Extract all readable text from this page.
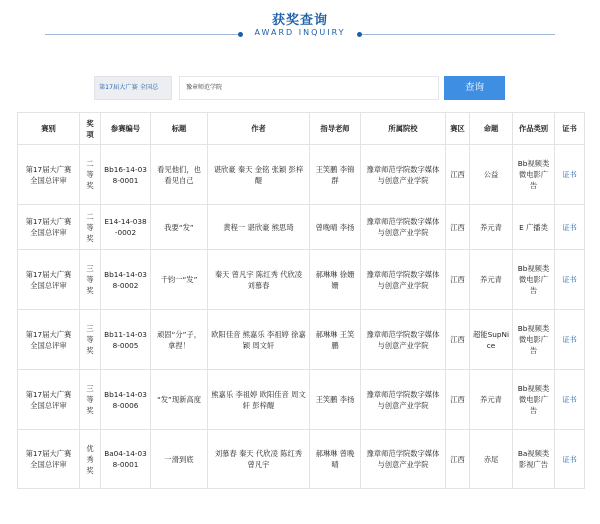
获奖查询
AWARD INQUIRY
第17届大广赛 全国总	豫章师范学院	查询
赛别	奖项	参赛编号	标题	作者	指导老师	所属院校	赛区	命题	作品类别	证书
第17届大广赛 全国总评审	二等奖	Bb16-14-038-0001	看见他们，也看见自己	谌欣豪 秦天 金铭 张颖 彭梓醍	王笑鹏 李锦群	豫章师范学院数字媒体与创意产业学院	江西	公益	Bb视频类微电影广告	证书
第17届大广赛 全国总评审	二等奖	E14-14-038-0002	我要“发”	黄程一 谌欣豪 熊思琦	曾晚晴 李扬	豫章师范学院数字媒体与创意产业学院	江西	养元青	E 广播类	证书
第17届大广赛 全国总评审	三等奖	Bb14-14-038-0002	千钧一“发”	秦天 曾凡宇 陈红秀 代欣凌 刘慕春	郝琳琳 徐姗姗	豫章师范学院数字媒体与创意产业学院	江西	养元青	Bb视频类微电影广告	证书
第17届大广赛 全国总评审	三等奖	Bb11-14-038-0005	顽固“分”子，拿捏！	欧阳佳音 熊嘉乐 李祖婷 徐嘉颖 周文轩	郝琳琳 王笑鹏	豫章师范学院数字媒体与创意产业学院	江西	超能SupNice	Bb视频类微电影广告	证书
第17届大广赛 全国总评审	三等奖	Bb14-14-038-0006	“发”现新高度	熊嘉乐 李祖婷 欧阳佳音 周文轩 彭梓醍	王笑鹏 李扬	豫章师范学院数字媒体与创意产业学院	江西	养元青	Bb视频类微电影广告	证书
第17届大广赛 全国总评审	优秀奖	Ba04-14-038-0001	一滑到底	刘慕春 秦天 代欣凌 陈红秀 曾凡宇	郝琳琳 曾晚晴	豫章师范学院数字媒体与创意产业学院	江西	赤尾	Ba视频类影视广告	证书
